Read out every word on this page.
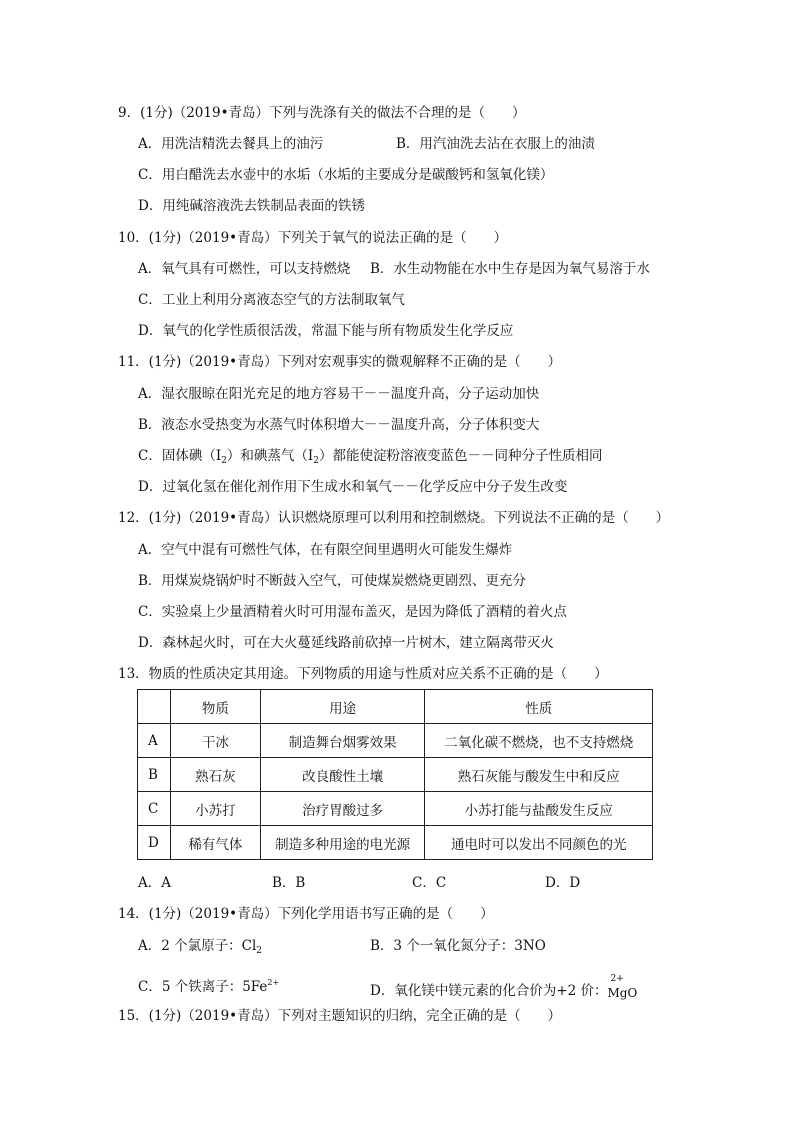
9．(1分)（2019•青岛）下列与洗涤有关的做法不合理的是（　　）
A．用洗洁精洗去餐具上的油污	B．用汽油洗去沾在衣服上的油渍
C．用白醋洗去水壶中的水垢（水垢的主要成分是碳酸钙和氢氧化镁）
D．用纯碱溶液洗去铁制品表面的铁锈
10．(1分)（2019•青岛）下列关于氧气的说法正确的是（　　）
A．氧气具有可燃性，可以支持燃烧 B．水生动物能在水中生存是因为氧气易溶于水
C．工业上利用分离液态空气的方法制取氧气
D．氧气的化学性质很活泼，常温下能与所有物质发生化学反应
11．(1分)（2019•青岛）下列对宏观事实的微观解释不正确的是（　　）
A．湿衣服晾在阳光充足的地方容易干－－温度升高，分子运动加快
B．液态水受热变为水蒸气时体积增大－－温度升高，分子体积变大
C．固体碘$(I_2)$和碘蒸气$(I_2)$都能使淀粉溶液变蓝色－－同种分子性质相同
D．过氧化氢在催化剂作用下生成水和氧气－－化学反应中分子发生改变
12．(1分)（2019•青岛）认识燃烧原理可以利用和控制燃烧。下列说法不正确的是（　　）
A．空气中混有可燃性气体，在有限空间里遇明火可能发生爆炸
B．用煤炭烧锅炉时不断鼓入空气，可使煤炭燃烧更剧烈、更充分
C．实验桌上少量酒精着火时可用湿布盖灭，是因为降低了酒精的着火点
D．森林起火时，可在大火蔓延线路前砍掉一片树木，建立隔离带灭火
13．物质的性质决定其用途。下列物质的用途与性质对应关系不正确的是（　　）
	物质	用途	性质
A	干冰	制造舞台烟雾效果	二氧化碳不燃烧，也不支持燃烧
B	熟石灰	改良酸性土壤	熟石灰能与酸发生中和反应
C	小苏打	治疗胃酸过多	小苏打能与盐酸发生反应
D	稀有气体	制造多种用途的电光源	通电时可以发出不同颜色的光
A．A	B．B	C．C	D．D
14．(1分)（2019•青岛）下列化学用语书写正确的是（　　）
A．2 个氯原子：$Cl_2$	B．3 个一氧化氮分子：3NO
C．5 个铁离子：$5Fe^{2+}$
D．氧化镁中镁元素的化合价为+2 价：
2+
MgO
15．(1分)（2019•青岛）下列对主题知识的归纳，完全正确的是（　　）
